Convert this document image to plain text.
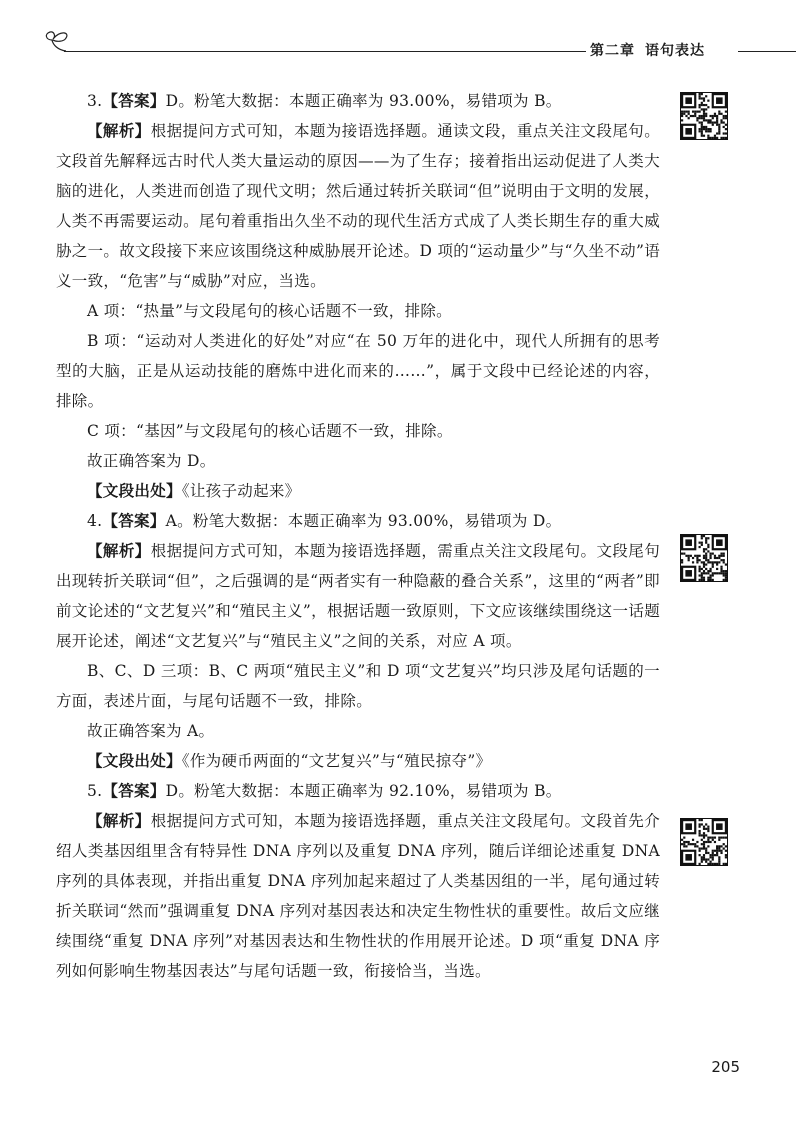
第二章 语句表达

3.【答案】D。粉笔大数据：本题正确率为 93.00%，易错项为 B。

【解析】根据提问方式可知，本题为接语选择题。通读文段，重点关注文段尾句。文段首先解释远古时代人类大量运动的原因——为了生存；接着指出运动促进了人类大脑的进化，人类进而创造了现代文明；然后通过转折关联词“但”说明由于文明的发展，人类不再需要运动。尾句着重指出久坐不动的现代生活方式成了人类长期生存的重大威胁之一。故文段接下来应该围绕这种威胁展开论述。D 项的“运动量少”与“久坐不动”语义一致，“危害”与“威胁”对应，当选。

A 项：“热量”与文段尾句的核心话题不一致，排除。

B 项：“运动对人类进化的好处”对应“在 50 万年的进化中，现代人所拥有的思考型的大脑，正是从运动技能的磨炼中进化而来的……”，属于文段中已经论述的内容，排除。

C 项：“基因”与文段尾句的核心话题不一致，排除。

故正确答案为 D。

【文段出处】《让孩子动起来》

4.【答案】A。粉笔大数据：本题正确率为 93.00%，易错项为 D。

【解析】根据提问方式可知，本题为接语选择题，需重点关注文段尾句。文段尾句出现转折关联词“但”，之后强调的是“两者实有一种隐蔽的叠合关系”，这里的“两者”即前文论述的“文艺复兴”和“殖民主义”，根据话题一致原则，下文应该继续围绕这一话题展开论述，阐述“文艺复兴”与“殖民主义”之间的关系，对应 A 项。

B、C、D 三项：B、C 两项“殖民主义”和 D 项“文艺复兴”均只涉及尾句话题的一方面，表述片面，与尾句话题不一致，排除。

故正确答案为 A。

【文段出处】《作为硬币两面的“文艺复兴”与“殖民掠夺”》

5.【答案】D。粉笔大数据：本题正确率为 92.10%，易错项为 B。

【解析】根据提问方式可知，本题为接语选择题，重点关注文段尾句。文段首先介绍人类基因组里含有特异性 DNA 序列以及重复 DNA 序列，随后详细论述重复 DNA 序列的具体表现，并指出重复 DNA 序列加起来超过了人类基因组的一半，尾句通过转折关联词“然而”强调重复 DNA 序列对基因表达和决定生物性状的重要性。故后文应继续围绕“重复 DNA 序列”对基因表达和生物性状的作用展开论述。D 项“重复 DNA 序列如何影响生物基因表达”与尾句话题一致，衔接恰当，当选。

205
